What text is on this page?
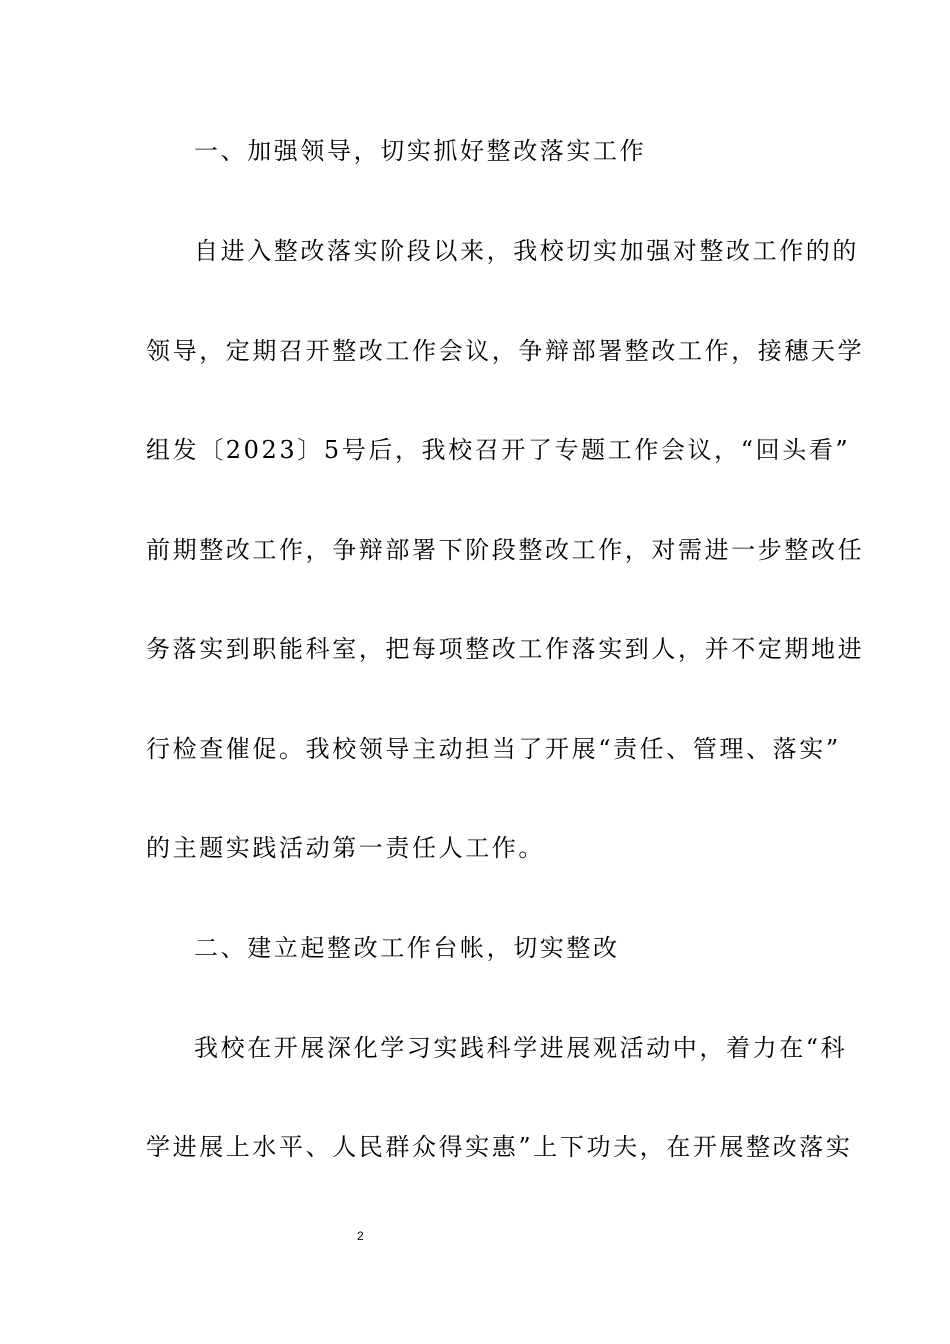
一、加强领导，切实抓好整改落实工作
自进入整改落实阶段以来，我校切实加强对整改工作的的
领导，定期召开整改工作会议，争辩部署整改工作，接穗天学
组发〔2023〕5号后，我校召开了专题工作会议，“回头看”
前期整改工作，争辩部署下阶段整改工作，对需进一步整改任
务落实到职能科室，把每项整改工作落实到人，并不定期地进
行检查催促。我校领导主动担当了开展“责任、管理、落实”
的主题实践活动第一责任人工作。
二、建立起整改工作台帐，切实整改
我校在开展深化学习实践科学进展观活动中，着力在“科
学进展上水平、人民群众得实惠”上下功夫，在开展整改落实
2
